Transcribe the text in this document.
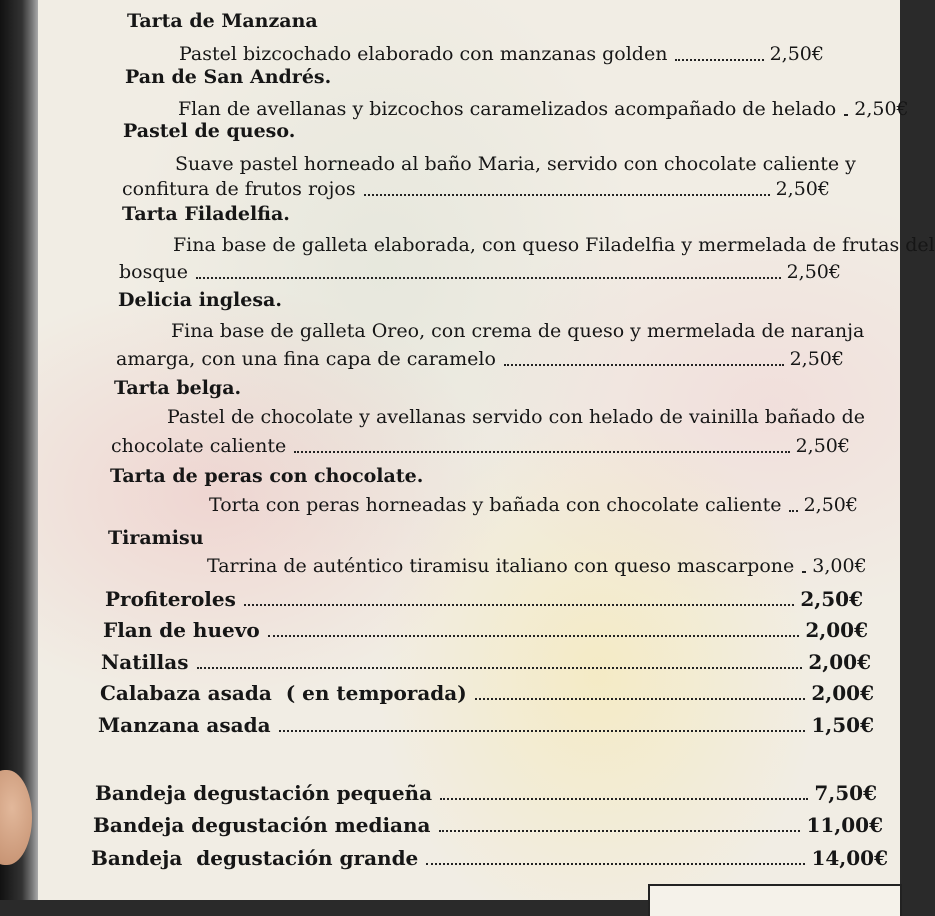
Tarta de Manzana
Pastel bizcochado elaborado con manzanas golden	2,50€
Pan de San Andrés.
Flan de avellanas y bizcochos caramelizados acompañado de helado 2,50€
Pastel de queso.
Suave pastel horneado al baño Maria, servido con chocolate caliente y
confitura de frutos rojos	2,50€
Tarta Filadelfia.
Fina base de galleta elaborada, con queso Filadelfia y mermelada de frutas del
bosque	2,50€
Delicia inglesa.
Fina base de galleta Oreo, con crema de queso y mermelada de naranja
amarga, con una fina capa de caramelo	2,50€
Tarta belga.
Pastel de chocolate y avellanas servido con helado de vainilla bañado de
chocolate caliente	2,50€
Tarta de peras con chocolate.
Torta con peras horneadas y bañada con chocolate caliente 2,50€
Tiramisu
Tarrina de auténtico tiramisu italiano con queso mascarpone 3,00€
Profiteroles	2,50€
Flan de huevo	2,00€
Natillas	2,00€
Calabaza asada  ( en temporada)	2,00€
Manzana asada	1,50€
Bandeja degustación pequeña	7,50€
Bandeja degustación mediana	11,00€
Bandeja  degustación grande	14,00€
